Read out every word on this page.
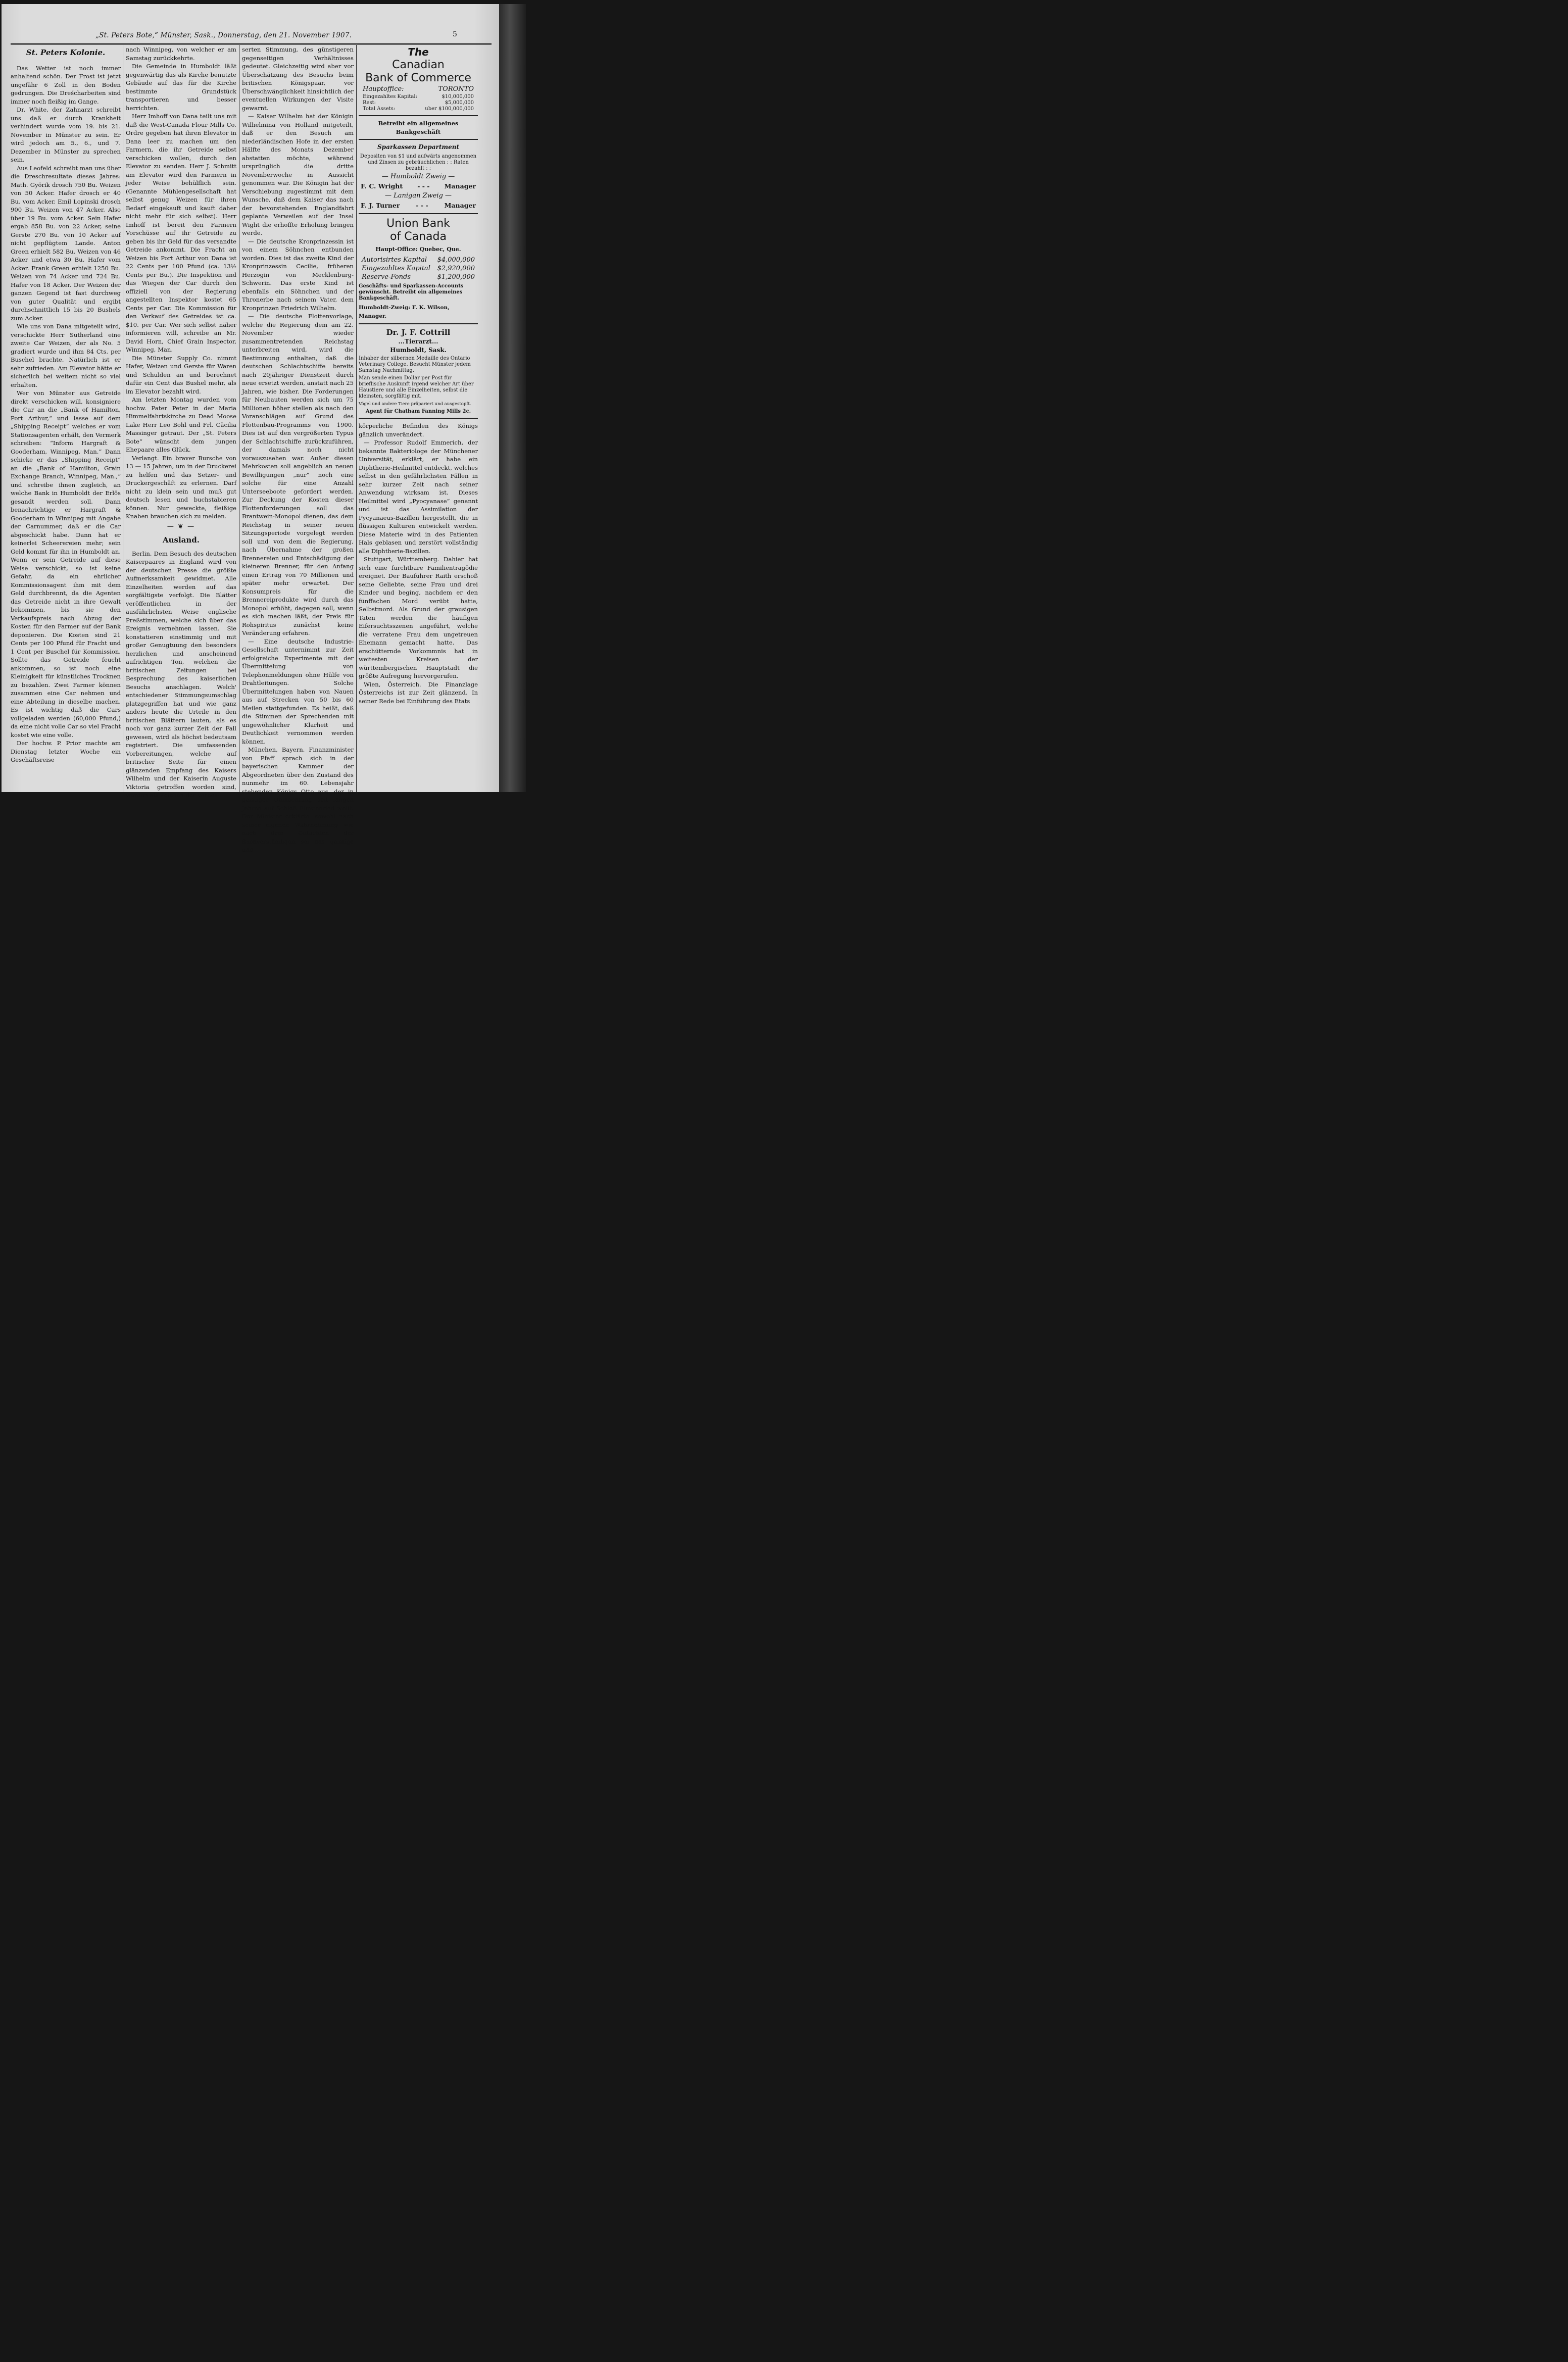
„St. Peters Bote,“ Münster, Sask., Donnerstag, den 21. November 1907.	5
St. Peters Kolonie.

Das Wetter ist noch immer anhaltend schön. Der Frost ist jetzt ungefähr 6 Zoll in den Boden gedrungen. Die Dreścharbeiten sind immer noch fleißig im Gange.

Dr. White, der Zahnarzt schreibt uns daß er durch Krankheit verhindert wurde vom 19. bis 21. November in Münster zu sein. Er wird jedoch am 5., 6., und 7. Dezember in Münster zu sprechen sein.

Aus Leofeld schreibt man uns über die Dreschresultate dieses Jahres: Math. Györik drosch 750 Bu. Weizen von 50 Acker. Hafer drosch er 40 Bu. vom Acker. Emil Lopinski drosch 900 Bu. Weizen von 47 Acker. Also über 19 Bu. vom Acker. Sein Hafer ergab 858 Bu. von 22 Acker, seine Gerste 270 Bu. von 10 Acker auf nicht gepflügtem Lande. Anton Green erhielt 582 Bu. Weizen von 46 Acker und etwa 30 Bu. Hafer vom Acker. Frank Green erhielt 1250 Bu. Weizen von 74 Acker und 724 Bu. Hafer von 18 Acker. Der Weizen der ganzen Gegend ist fast durchweg von guter Qualität und ergibt durchschnittlich 15 bis 20 Bushels zum Acker.

Wie uns von Dana mitgeteilt wird, verschickte Herr Sutherland eine zweite Car Weizen, der als No. 5 gradiert wurde und ihm 84 Cts. per Buschel brachte. Natürlich ist er sehr zufrieden. Am Elevator hätte er sicherlich bei weitem nicht so viel erhalten.

Wer von Münster aus Getreide direkt verschicken will, konsigniere die Car an die „Bank of Hamilton, Port Arthur,“ und lasse auf dem „Shipping Receipt“ welches er vom Stationsagenten erhält, den Vermerk schreiben: “Inform Hargraft & Gooderham, Winnipeg, Man.” Dann schicke er das „Shipping Receipt“ an die „Bank of Hamilton, Grain Exchange Branch, Winnipeg, Man.,“ und schreibe ihnen zugleich, an welche Bank in Humboldt der Erlös gesandt werden soll. Dann benachrichtige er Hargraft & Gooderham in Winnipeg mit Angabe der Carnummer, daß er die Car abgeschickt habe. Dann hat er keinerlei Scheerereien mehr; sein Geld kommt für ihn in Humboldt an. Wenn er sein Getreide auf diese Weise verschickt, so ist keine Gefahr, da ein ehrlicher Kommissionsagent ihm mit dem Geld durchbrennt, da die Agenten das Getreide nicht in ihre Gewalt bekommen, bis sie den Verkaufspreis nach Abzug der Kosten für den Farmer auf der Bank deponieren. Die Kosten sind 21 Cents per 100 Pfund für Fracht und 1 Cent per Buschel für Kommission. Sollte das Getreide feucht ankommen, so ist noch eine Kleinigkeit für künstliches Trocknen zu bezahlen. Zwei Farmer können zusammen eine Car nehmen und eine Abteilung in dieselbe machen. Es ist wichtig daß die Cars vollgeladen werden (60,000 Pfund,) da eine nicht volle Car so viel Fracht kostet wie eine volle.

Der hochw. P. Prior machte am Dienstag letzter Woche ein Geschäftsreise

nach Winnipeg, von welcher er am Samstag zurückkehrte.

Die Gemeinde in Humboldt läßt gegenwärtig das als Kirche benutzte Gebäude auf das für die Kirche bestimmte Grundstück transportieren und besser herrichten.

Herr Imhoff von Dana teilt uns mit daß die West-Canada Flour Mills Co. Ordre gegeben hat ihren Elevator in Dana leer zu machen um den Farmern, die ihr Getreide selbst verschicken wollen, durch den Elevator zu senden. Herr J. Schmitt am Elevator wird den Farmern in jeder Weise behülflich sein. (Genannte Mühlengesellschaft hat selbst genug Weizen für ihren Bedarf eingekauft und kauft daher nicht mehr für sich selbst). Herr Imhoff ist bereit den Farmern Vorschüsse auf ihr Getreide zu geben bis ihr Geld für das versandte Getreide ankommt. Die Fracht an Weizen bis Port Arthur von Dana ist 22 Cents per 100 Pfund (ca. 13½ Cents per Bu.). Die Inspektion und das Wiegen der Car durch den offiziell von der Regierung angestellten Inspektor kostet 65 Cents per Car. Die Kommission für den Verkauf des Getreides ist ca. $10. per Car. Wer sich selbst näher informieren will, schreibe an Mr. David Horn, Chief Grain Inspector, Winnipeg, Man.

Die Münster Supply Co. nimmt Hafer, Weizen und Gerste für Waren und Schulden an und berechnet dafür ein Cent das Bushel mehr, als im Elevator bezahlt wird.

Am letzten Montag wurden vom hochw. Pater Peter in der Maria Himmelfahrtskirche zu Dead Moose Lake Herr Leo Bohl und Frl. Cäcilia Massinger getraut. Der „St. Peters Bote“ wünscht dem jungen Ehepaare alles Glück.

Verlangt. Ein braver Bursche von 13 — 15 Jahren, um in der Druckerei zu helfen und das Setzer- und Druckergeschäft zu erlernen. Darf nicht zu klein sein und muß gut deutsch lesen und buchstabieren können. Nur geweckte, fleißige Knaben brauchen sich zu melden.

— ❦ —
Ausland.

Berlin. Dem Besuch des deutschen Kaiserpaares in England wird von der deutschen Presse die größte Aufmerksamkeit gewidmet. Alle Einzelheiten werden auf das sorgfältigste verfolgt. Die Blätter veröffentlichen in der ausführlichsten Weise englische Preßstimmen, welche sich über das Ereignis vernehmen lassen. Sie konstatieren einstimmig und mit großer Genugtuung den besonders herzlichen und anscheinend aufrichtigen Ton, welchen die britischen Zeitungen bei Besprechung des kaiserlichen Besuchs anschlagen. Welch' entschiedener Stimmungsumschlag platzgegriffen hat und wie ganz anders heute die Urteile in den britischen Blättern lauten, als es noch vor ganz kurzer Zeit der Fall gewesen, wird als höchst bedeutsam registriert. Die umfassenden Vorbereitungen, welche auf britischer Seite für einen glänzenden Empfang des Kaisers Wilhelm und der Kaiserin Auguste Viktoria getroffen worden sind, werden als Zeichen der verbes-

serten Stimmung, des günstigeren gegenseitigen Verhältnisses gedeutet. Gleichzeitig wird aber vor Überschätzung des Besuchs beim britischen Königspaar, vor Überschwänglichkeit hinsichtlich der eventuellen Wirkungen der Visite gewarnt.

— Kaiser Wilhelm hat der Königin Wilhelmina von Holland mitgeteilt, daß er den Besuch am niederländischen Hofe in der ersten Hälfte des Monats Dezember abstatten möchte, während ursprünglich die dritte Novemberwoche in Aussicht genommen war. Die Königin hat der Verschiebung zugestimmt mit dem Wunsche, daß dem Kaiser das nach der bevorstehenden Englandfahrt geplante Verweilen auf der Insel Wight die erhoffte Erholung bringen werde.

— Die deutsche Kronprinzessin ist von einem Söhnchen entbunden worden. Dies ist das zweite Kind der Kronprinzessin Cecilie, früheren Herzogin von Mecklenburg-Schwerin. Das erste Kind ist ebenfalls ein Söhnchen und der Thronerbe nach seinem Vater, dem Kronprinzen Friedrich Wilhelm.

— Die deutsche Flottenvorlage, welche die Regierung dem am 22. November wieder zusammentretenden Reichstag unterbreiten wird, wird die Bestimmung enthalten, daß die deutschen Schlachtschiffe bereits nach 20jähriger Dienstzeit durch neue ersetzt werden, anstatt nach 25 Jahren, wie bisher. Die Forderungen für Neubauten werden sich um 75 Millionen höher stellen als nach den Voranschlägen auf Grund des Flottenbau-Programms von 1900. Dies ist auf den vergrößerten Typus der Schlachtschiffe zurückzuführen, der damals noch nicht vorauszusehen war. Außer diesen Mehrkosten soll angeblich an neuen Bewilligungen „nur“ noch eine solche für eine Anzahl Unterseeboote gefordert werden. Zur Deckung der Kosten dieser Flottenforderungen soll das Brantwein-Monopol dienen, das dem Reichstag in seiner neuen Sitzungsperiode vorgelegt werden soll und von dem die Regierung, nach Übernahme der großen Brennereien und Entschädigung der kleineren Brenner, für den Anfang einen Ertrag von 70 Millionen und später mehr erwartet. Der Konsumpreis für die Brennereiprodukte wird durch das Monopol erhöht, dagegen soll, wenn es sich machen läßt, der Preis für Rohspiritus zunächst keine Veränderung erfahren.

— Eine deutsche Industrie-Gesellschaft unternimmt zur Zeit erfolgreiche Experimente mit der Übermittelung von Telephonmeldungen ohne Hülfe von Drahtleitungen. Solche Übermittelungen haben von Nauen aus auf Strecken von 50 bis 60 Meilen stattgefunden. Es heißt, daß die Stimmen der Sprechenden mit ungewöhnlicher Klarheit und Deutlichkeit vernommen werden können.

München, Bayern. Finanzminister von Pfaff sprach sich in der bayerischen Kammer der Abgeordneten über den Zustand des nunmehr im 60. Lebensjahr stehenden Königs Otto aus, der in geistiger Umnachtung seit langen Jahren auf Schloß Fürstenried weilt. Der Minister erklärte, sowohl nach seiner eigenen Wahrnehmung wie nach dem Gutachten der Sachverständigen sei das geistige und

The
Canadian
Bank of Commerce
Hauptoffice:	TORONTO
Eingezahltes Kapital:	$10,000,000
Rest:	$5,000,000
Total Assets:	uber $100,000,000
Betreibt ein allgemeines Bankgeschäft
Sparkassen Department
Depositen von $1 und aufwärts angenommen und Zinsen zu gebräuchlichen : : Raten bezahlt : :
— Humboldt Zweig —
F. C. Wright - - - Manager
— Lanigan Zweig —
F. J. Turner	- - -	Manager
Union Bank
of Canada
Haupt-Office: Quebec, Que.
Autorisirtes Kapital $4,000,000
Eingezahltes Kapital $2,920,000
Reserve-Fonds	$1,200,000
Geschäfts- und Sparkassen-Accounts gewünscht. Betreibt ein allgemeines Bankgeschäft.
Humboldt-Zweig: F. K. Wilson, Manager.
Dr. J. F. Cottrill
...Tierarzt...
Humboldt, Sask.
Inhaber der silbernen Medaille des Ontario Veterinary College. Besucht Münster jedem Samstag Nachmittag.
Man sende einen Dollar per Post für brieflische Auskunft irgend welcher Art über Haustiere und alle Einzelheiten, selbst die kleinsten, sorgfältig mit.
Vögel und andere Tiere präpariert und ausgestopft.
Agent für Chatham Fanning Mills 2c.

körperliche Befinden des Königs gänzlich unverändert.

— Professor Rudolf Emmerich, der bekannte Bakteriologe der Münchener Universität, erklärt, er habe ein Diphtherie-Heilmittel entdeckt, welches selbst in den gefährlichsten Fällen in sehr kurzer Zeit nach seiner Anwendung wirksam ist. Dieses Heilmittel wird „Pyocyanase“ genannt und ist das Assimilation der Pycyanaeus-Bazillen hergestellt, die in flüssigen Kulturen entwickelt werden. Diese Materie wird in des Patienten Hals geblasen und zerstört vollständig alle Diphtherie-Bazillen.

Stuttgart, Württemberg. Dahier hat sich eine furchtbare Familientragödie ereignet. Der Bauführer Raith erschoß seine Geliebte, seine Frau und drei Kinder und beging, nachdem er den fünffachen Mord verübt hatte, Selbstmord. Als Grund der grausigen Taten werden die häufigen Eifersuchtsszenen angeführt, welche die verratene Frau dem ungetreuen Ehemann gemacht hatte. Das erschütternde Vorkommnis hat in weitesten Kreisen der württembergischen Hauptstadt die größte Aufregung hervorgerufen.

Wien, Österreich. Die Finanzlage Österreichs ist zur Zeit glänzend. In seiner Rede bei Einführung des Etats
